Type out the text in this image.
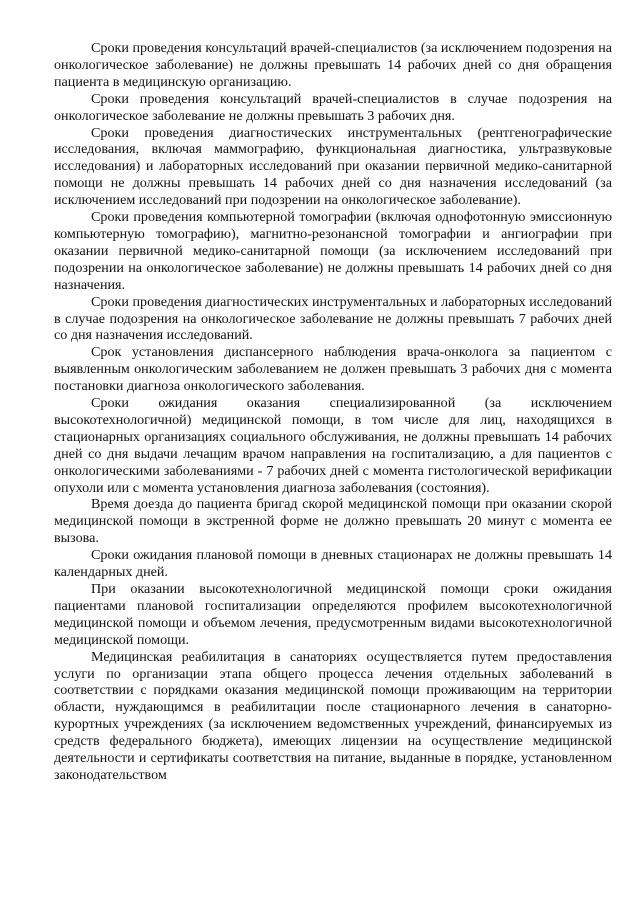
Сроки проведения консультаций врачей-специалистов (за исключением подозрения на онкологическое заболевание) не должны превышать 14 рабочих дней со дня обращения пациента в медицинскую организацию.

Сроки проведения консультаций врачей-специалистов в случае подозрения на онкологическое заболевание не должны превышать 3 рабочих дня.

Сроки проведения диагностических инструментальных (рентгенографические исследования, включая маммографию, функциональная диагностика, ультразвуковые исследования) и лабораторных исследований при оказании первичной медико-санитарной помощи не должны превышать 14 рабочих дней со дня назначения исследований (за исключением исследований при подозрении на онкологическое заболевание).

Сроки проведения компьютерной томографии (включая однофотонную эмиссионную компьютерную томографию), магнитно-резонансной томографии и ангиографии при оказании первичной медико-санитарной помощи (за исключением исследований при подозрении на онкологическое заболевание) не должны превышать 14 рабочих дней со дня назначения.

Сроки проведения диагностических инструментальных и лабораторных исследований в случае подозрения на онкологическое заболевание не должны превышать 7 рабочих дней со дня назначения исследований.

Срок установления диспансерного наблюдения врача-онколога за пациентом с выявленным онкологическим заболеванием не должен превышать 3 рабочих дня с момента постановки диагноза онкологического заболевания.

Сроки ожидания оказания специализированной (за исключением высокотехнологичной) медицинской помощи, в том числе для лиц, находящихся в стационарных организациях социального обслуживания, не должны превышать 14 рабочих дней со дня выдачи лечащим врачом направления на госпитализацию, а для пациентов с онкологическими заболеваниями - 7 рабочих дней с момента гистологической верификации опухоли или с момента установления диагноза заболевания (состояния).

Время доезда до пациента бригад скорой медицинской помощи при оказании скорой медицинской помощи в экстренной форме не должно превышать 20 минут с момента ее вызова.

Сроки ожидания плановой помощи в дневных стационарах не должны превышать 14 календарных дней.

При оказании высокотехнологичной медицинской помощи сроки ожидания пациентами плановой госпитализации определяются профилем высокотехнологичной медицинской помощи и объемом лечения, предусмотренным видами высокотехнологичной медицинской помощи.

Медицинская реабилитация в санаториях осуществляется путем предоставления услуги по организации этапа общего процесса лечения отдельных заболеваний в соответствии с порядками оказания медицинской помощи проживающим на территории области, нуждающимся в реабилитации после стационарного лечения в санаторно-курортных учреждениях (за исключением ведомственных учреждений, финансируемых из средств федерального бюджета), имеющих лицензии на осуществление медицинской деятельности и сертификаты соответствия на питание, выданные в порядке, установленном законодательством
